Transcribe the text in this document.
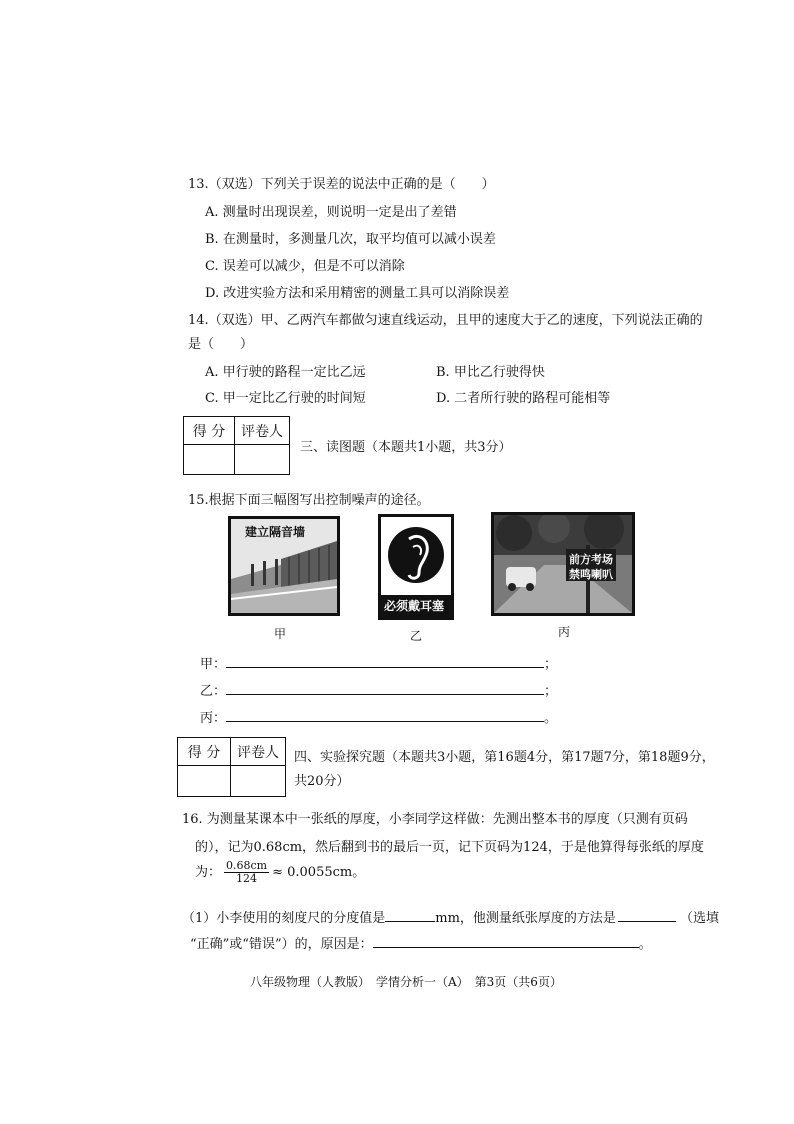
13.（双选）下列关于误差的说法中正确的是（　　）
A. 测量时出现误差，则说明一定是出了差错
B. 在测量时，多测量几次，取平均值可以减小误差
C. 误差可以减少，但是不可以消除
D. 改进实验方法和采用精密的测量工具可以消除误差
14.（双选）甲、乙两汽车都做匀速直线运动，且甲的速度大于乙的速度，下列说法正确的
是（　　）
A. 甲行驶的路程一定比乙远	B. 甲比乙行驶得快
C. 甲一定比乙行驶的时间短	D. 二者所行驶的路程可能相等
得 分	评卷人

三、读图题（本题共1小题，共3分）
15.根据下面三幅图写出控制噪声的途径。
建立隔音墙
甲
必须戴耳塞
乙
前方考场
禁鸣喇叭
丙
甲：	；
乙：	；
丙：	。
得 分	评卷人
	四、实验探究题（本题共3小题，第16题4分，第17题7分，第18题9分，
共20分）
16. 为测量某课本中一张纸的厚度，小李同学这样做：先测出整本书的厚度（只测有页码
的），记为0.68cm，然后翻到书的最后一页，记下页码为124，于是他算得每张纸的厚度
为： $\frac{0.68cm}{124} \approx 0.0055cm$。
（1）小李使用的刻度尺的分度值是	mm，他测量纸张厚度的方法是	（选填
“正确”或“错误”）的，原因是：	。
八年级物理（人教版）　学情分析一（A）　第3页（共6页）
